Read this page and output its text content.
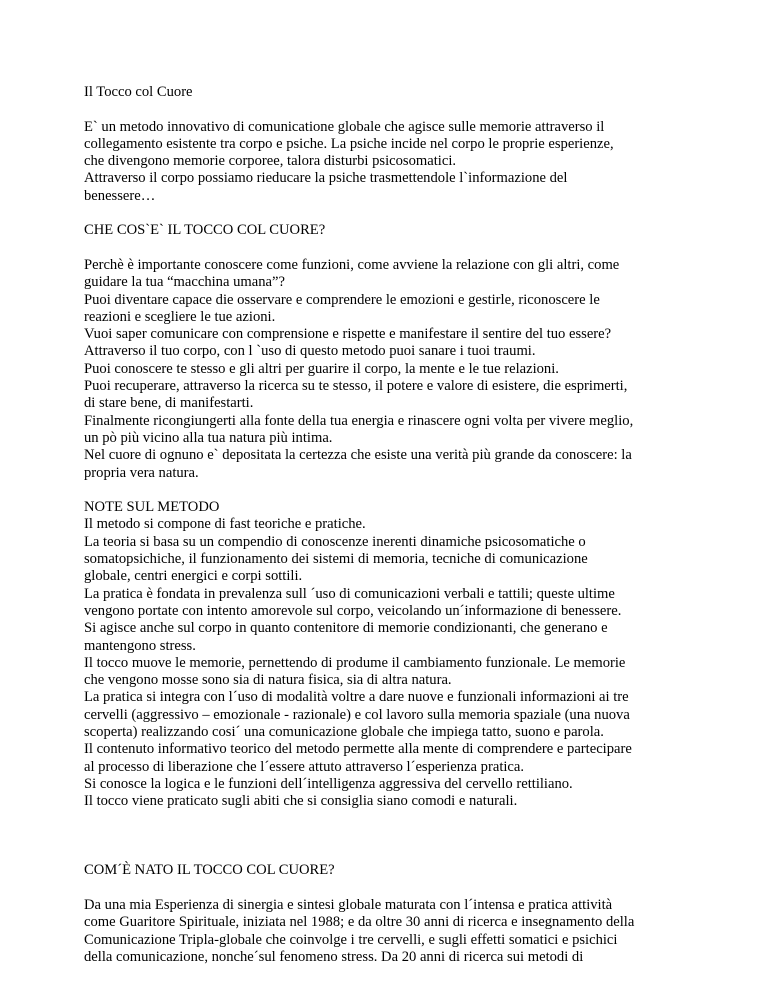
Il Tocco col Cuore
E` un metodo innovativo di comunicatione globale che agisce sulle memorie attraverso il
collegamento esistente tra corpo e psiche. La psiche incide nel corpo le proprie esperienze,
che divengono memorie corporee, talora disturbi psicosomatici.
Attraverso il corpo possiamo rieducare la psiche trasmettendole l`informazione del
benessere…
CHE COS`E` IL TOCCO COL CUORE?
Perchè è importante conoscere come funzioni, come avviene la relazione con gli altri, come
guidare la tua “macchina umana”?
Puoi diventare capace die osservare e comprendere le emozioni e gestirle, riconoscere le
reazioni e scegliere le tue azioni.
Vuoi saper comunicare con comprensione e rispette e manifestare il sentire del tuo essere?
Attraverso il tuo corpo, con l `uso di questo metodo puoi sanare i tuoi traumi.
Puoi conoscere te stesso e gli altri per guarire il corpo, la mente e le tue relazioni.
Puoi recuperare, attraverso la ricerca su te stesso, il potere e valore di esistere, die esprimerti,
di stare bene, di manifestarti.
Finalmente ricongiungerti alla fonte della tua energia e rinascere ogni volta per vivere meglio,
un pò più vicino alla tua natura più intima.
Nel cuore di ognuno e` depositata la certezza che esiste una verità più grande da conoscere: la
propria vera natura.
NOTE SUL METODO
Il metodo si compone di fast teoriche e pratiche.
La teoria si basa su un compendio di conoscenze inerenti dinamiche psicosomatiche o
somatopsichiche, il funzionamento dei sistemi di memoria, tecniche di comunicazione
globale, centri energici e corpi sottili.
La pratica è fondata in prevalenza sull ´uso di comunicazioni verbali e tattili; queste ultime
vengono portate con intento amorevole sul corpo, veicolando un´informazione di benessere.
Si agisce anche sul corpo in quanto contenitore di memorie condizionanti, che generano e
mantengono stress.
Il tocco muove le memorie, pernettendo di produme il cambiamento funzionale. Le memorie
che vengono mosse sono sia di natura fisica, sia di altra natura.
La pratica si integra con l´uso di modalità voltre a dare nuove e funzionali informazioni ai tre
cervelli (aggressivo – emozionale - razionale) e col lavoro sulla memoria spaziale (una nuova
scoperta) realizzando cosi´ una comunicazione globale che impiega tatto, suono e parola.
Il contenuto informativo teorico del metodo permette alla mente di comprendere e partecipare
al processo di liberazione che l´essere attuto attraverso l´esperienza pratica.
Si conosce la logica e le funzioni dell´intelligenza aggressiva del cervello rettiliano.
Il tocco viene praticato sugli abiti che si consiglia siano comodi e naturali.
COM´È NATO IL TOCCO COL CUORE?
Da una mia Esperienza di sinergia e sintesi globale maturata con l´intensa e pratica attività
come Guaritore Spirituale, iniziata nel 1988; e da oltre 30 anni di ricerca e insegnamento della
Comunicazione Tripla-globale che coinvolge i tre cervelli, e sugli effetti somatici e psichici
della comunicazione, nonche´sul fenomeno stress. Da 20 anni di ricerca sui metodi di
